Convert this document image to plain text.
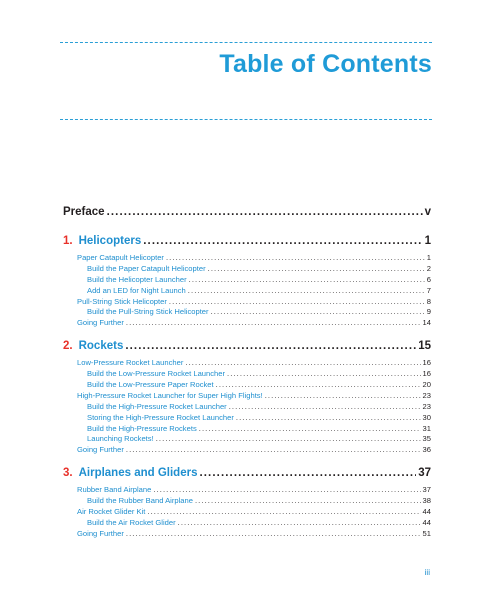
Table of Contents
Preface .....	v
1. Helicopters .....	1
Paper Catapult Helicopter .....	1
Build the Paper Catapult Helicopter .....	2
Build the Helicopter Launcher .....	6
Add an LED for Night Launch .....	7
Pull-String Stick Helicopter .....	8
Build the Pull-String Stick Helicopter .....	9
Going Further .....	14
2. Rockets .....	15
Low-Pressure Rocket Launcher .....	16
Build the Low-Pressure Rocket Launcher .....	16
Build the Low-Pressure Paper Rocket .....	20
High-Pressure Rocket Launcher for Super High Flights! .....	23
Build the High-Pressure Rocket Launcher .....	23
Storing the High-Pressure Rocket Launcher .....	30
Build the High-Pressure Rockets .....	31
Launching Rockets! .....	35
Going Further .....	36
3. Airplanes and Gliders .....	37
Rubber Band Airplane .....	37
Build the Rubber Band Airplane .....	38
Air Rocket Glider Kit .....	44
Build the Air Rocket Glider .....	44
Going Further .....	51
iii
